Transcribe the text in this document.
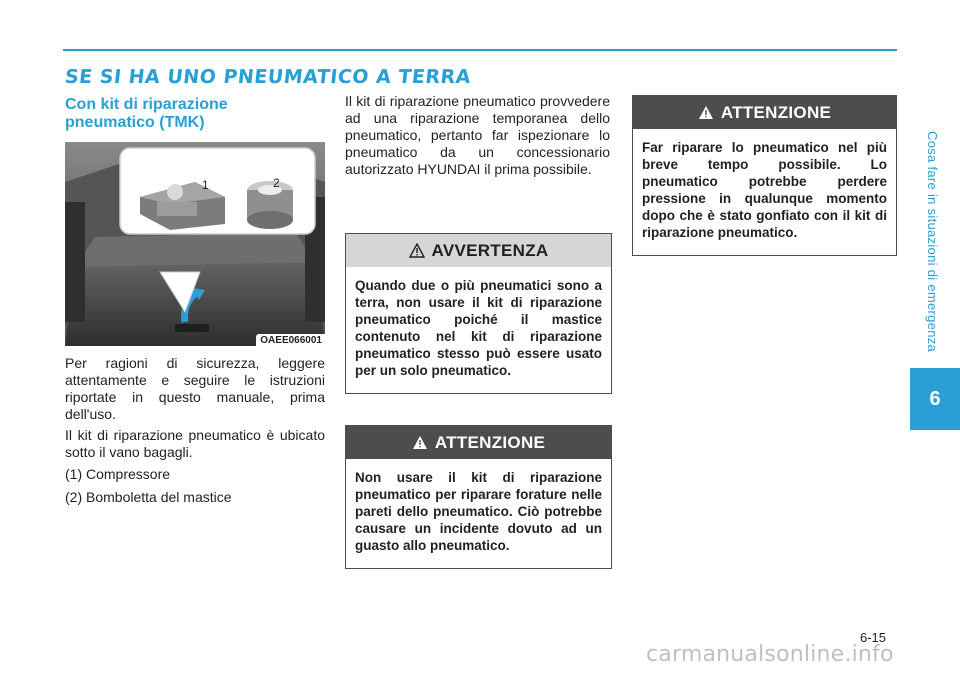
SE SI HA UNO PNEUMATICO A TERRA
Con kit di riparazione pneumatico (TMK)
1	2
OAEE066001

Per ragioni di sicurezza, leggere attentamente e seguire le istruzioni riportate in questo manuale, prima dell'uso.

Il kit di riparazione pneumatico è ubicato sotto il vano bagagli.

(1) Compressore

(2) Bomboletta del mastice

Il kit di riparazione pneumatico provvedere ad una riparazione temporanea dello pneumatico, pertanto far ispezionare lo pneumatico da un concessionario autorizzato HYUNDAI il prima possibile.

AVVERTENZA

Quando due o più pneumatici sono a terra, non usare il kit di riparazione pneumatico poiché il mastice contenuto nel kit di riparazione pneumatico stesso può essere usato per un solo pneumatico.

ATTENZIONE

Non usare il kit di riparazione pneumatico per riparare forature nelle pareti dello pneumatico. Ciò potrebbe causare un incidente dovuto ad un guasto allo pneumatico.

ATTENZIONE

Far riparare lo pneumatico nel più breve tempo possibile. Lo pneumatico potrebbe perdere pressione in qualunque momento dopo che è stato gonfiato con il kit di riparazione pneumatico.	Cosa fare in situazioni di emergenza
6
6-15
carmanualsonline.info
